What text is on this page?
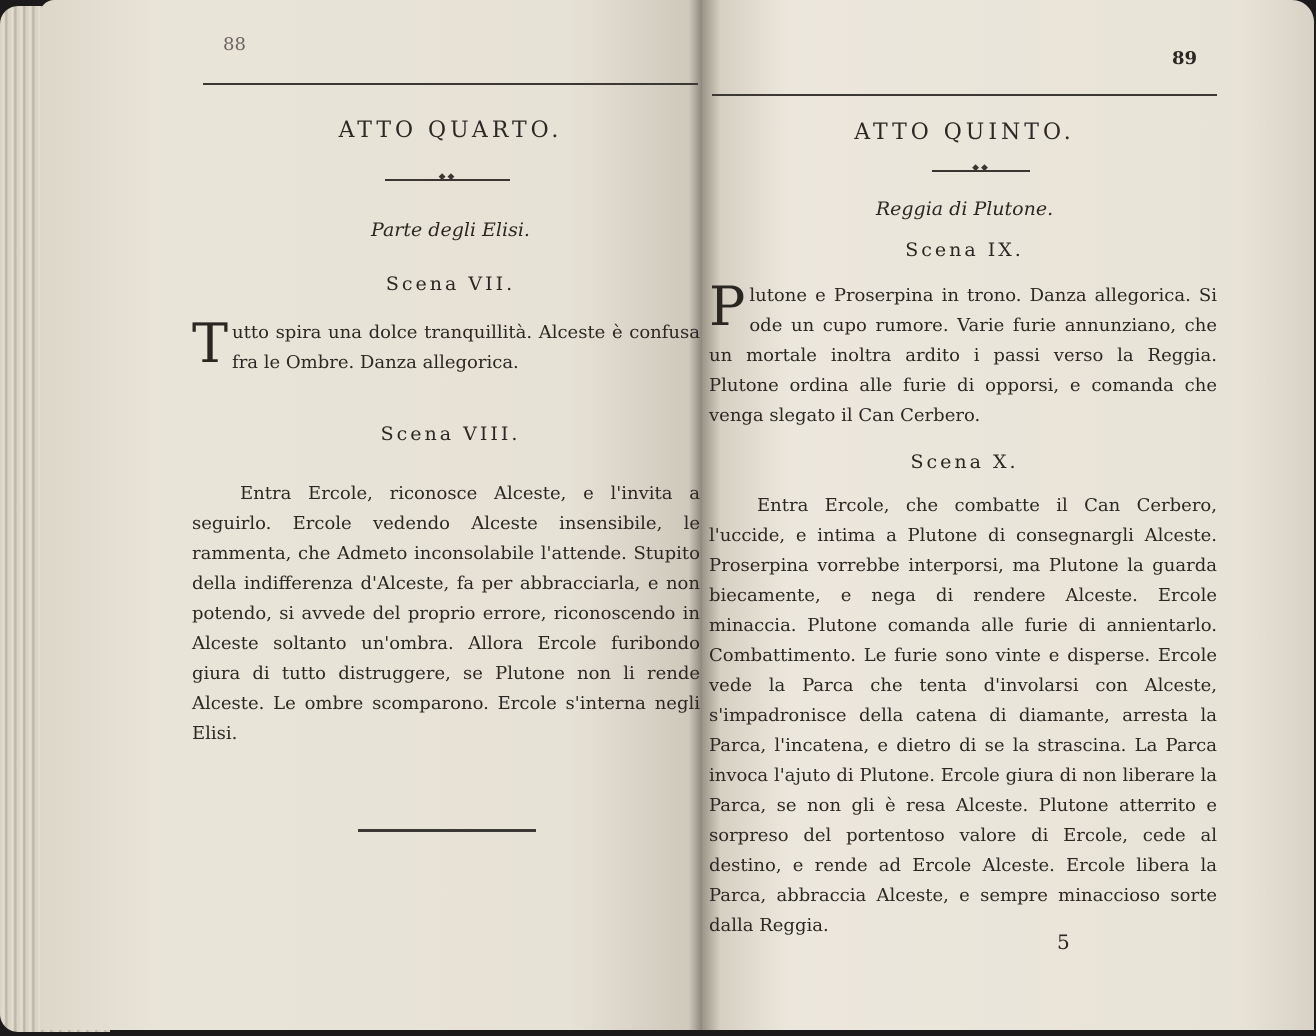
88
ATTO QUARTO.
◆◆
Parte degli Elisi.
Scena VII.
Tutto spira una dolce tranquillità. Alceste è confusa fra le Ombre. Danza allegorica.
Scena VIII.
Entra Ercole, riconosce Alceste, e l'invita a seguirlo. Ercole vedendo Alceste insensibile, le rammenta, che Admeto inconsolabile l'attende. Stupito della indifferenza d'Alceste, fa per abbracciarla, e non potendo, si avvede del proprio errore, riconoscendo in Alceste soltanto un'ombra. Allora Ercole furibondo giura di tutto distruggere, se Plutone non li rende Alceste. Le ombre scomparono. Ercole s'interna negli Elisi.
89
ATTO QUINTO.
◆◆
Reggia di Plutone.
Scena IX.
Plutone e Proserpina in trono. Danza allegorica. Si ode un cupo rumore. Varie furie annunziano, che un mortale inoltra ardito i passi verso la Reggia. Plutone ordina alle furie di opporsi, e comanda che venga slegato il Can Cerbero.
Scena X.
Entra Ercole, che combatte il Can Cerbero, l'uccide, e intima a Plutone di consegnargli Alceste. Proserpina vorrebbe interporsi, ma Plutone la guarda biecamente, e nega di rendere Alceste. Ercole minaccia. Plutone comanda alle furie di annientarlo. Combattimento. Le furie sono vinte e disperse. Ercole vede la Parca che tenta d'involarsi con Alceste, s'impadronisce della catena di diamante, arresta la Parca, l'incatena, e dietro di se la strascina. La Parca invoca l'ajuto di Plutone. Ercole giura di non liberare la Parca, se non gli è resa Alceste. Plutone atterrito e sorpreso del portentoso valore di Ercole, cede al destino, e rende ad Ercole Alceste. Ercole libera la Parca, abbraccia Alceste, e sempre minaccioso sorte dalla Reggia.
5
